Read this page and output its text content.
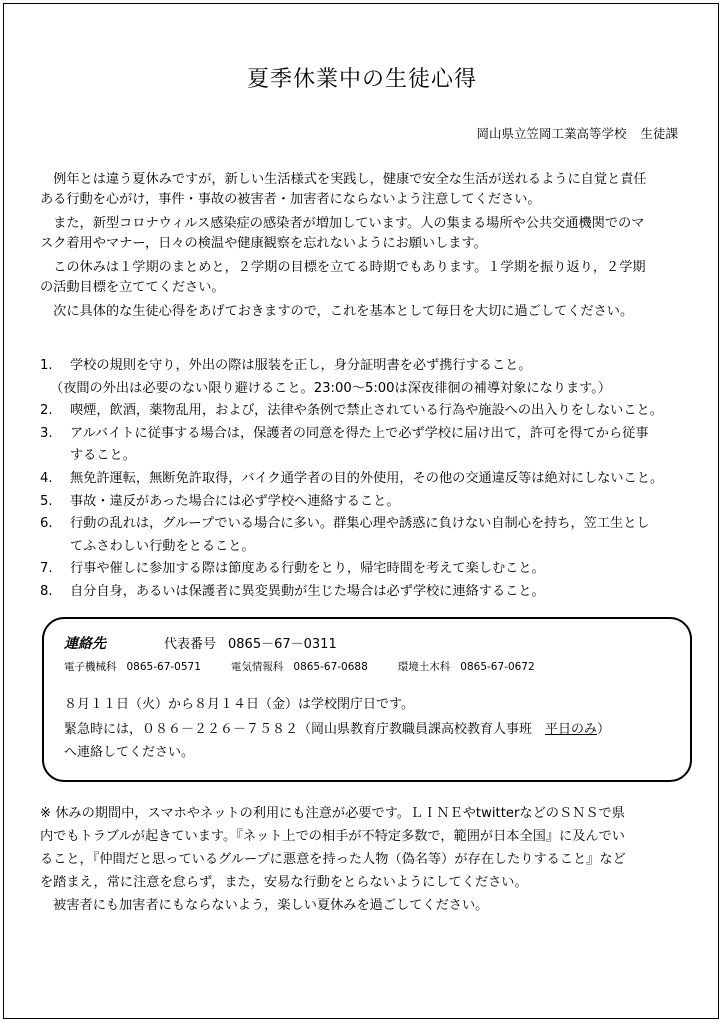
夏季休業中の生徒心得
岡山県立笠岡工業高等学校 生徒課
　例年とは違う夏休みですが，新しい生活様式を実践し，健康で安全な生活が送れるように自覚と責任
ある行動を心がけ，事件・事故の被害者・加害者にならないよう注意してください。
　また，新型コロナウィルス感染症の感染者が増加しています。人の集まる場所や公共交通機関でのマ
スク着用やマナー，日々の検温や健康観察を忘れないようにお願いします。
　この休みは１学期のまとめと，２学期の目標を立てる時期でもあります。１学期を振り返り，２学期
の活動目標を立ててください。
　次に具体的な生徒心得をあげておきますので，これを基本として毎日を大切に過ごしてください。
1.	学校の規則を守り，外出の際は服装を正し，身分証明書を必ず携行すること。
（夜間の外出は必要のない限り避けること。23:00～5:00は深夜徘徊の補導対象になります。）
2.	喫煙，飲酒，薬物乱用，および，法律や条例で禁止されている行為や施設への出入りをしないこと。
3.	アルバイトに従事する場合は，保護者の同意を得た上で必ず学校に届け出て，許可を得てから従事
すること。
4.	無免許運転，無断免許取得，バイク通学者の目的外使用，その他の交通違反等は絶対にしないこと。
5.	事故・違反があった場合には必ず学校へ連絡すること。
6.	行動の乱れは，グループでいる場合に多い。群集心理や誘惑に負けない自制心を持ち，笠工生とし
てふさわしい行動をとること。
7.	行事や催しに参加する際は節度ある行動をとり，帰宅時間を考えて楽しむこと。
8.	自分自身，あるいは保護者に異変異動が生じた場合は必ず学校に連絡すること。
連絡先	代表番号 0865－67－0311
電子機械科 0865-67-0571	電気情報科 0865-67-0688	環境土木科 0865-67-0672
８月１１日（火）から８月１４日（金）は学校閉庁日です。
緊急時には，０８６－２２６－７５８２（岡山県教育庁教職員課高校教育人事班　平日のみ）
へ連絡してください。
※ 休みの期間中，スマホやネットの利用にも注意が必要です。ＬＩＮＥやtwitterなどのＳＮＳで県
内でもトラブルが起きています。『ネット上での相手が不特定多数で，範囲が日本全国』に及んでい
ること，『仲間だと思っているグループに悪意を持った人物（偽名等）が存在したりすること』など
を踏まえ，常に注意を怠らず，また，安易な行動をとらないようにしてください。
　被害者にも加害者にもならないよう，楽しい夏休みを過ごしてください。
